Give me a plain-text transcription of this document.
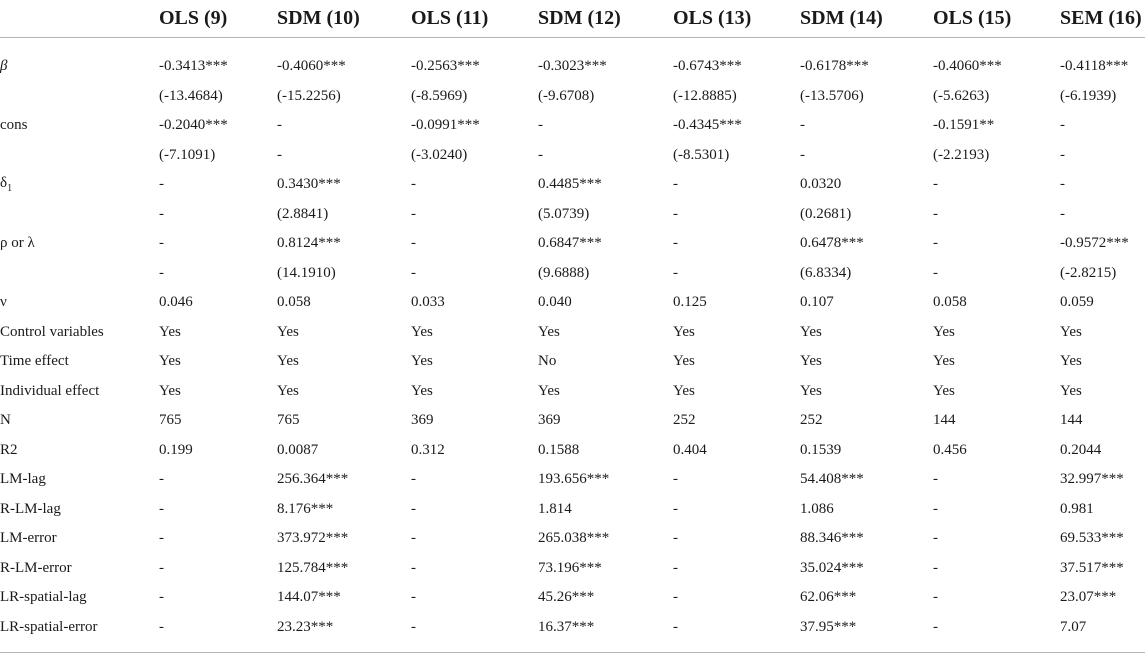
	OLS (9)	SDM (10)	OLS (11)	SDM (12)	OLS (13)	SDM (14)	OLS (15)	SEM (16)
β	-0.3413***	-0.4060***	-0.2563***	-0.3023***	-0.6743***	-0.6178***	-0.4060***	-0.4118***
	(-13.4684)	(-15.2256)	(-8.5969)	(-9.6708)	(-12.8885)	(-13.5706)	(-5.6263)	(-6.1939)
cons	-0.2040***	-	-0.0991***	-	-0.4345***	-	-0.1591**	-
	(-7.1091)	-	(-3.0240)	-	(-8.5301)	-	(-2.2193)	-
$\delta_1$	-	0.3430***	-	0.4485***	-	0.0320	-	-
	-	(2.8841)	-	(5.0739)	-	(0.2681)	-	-
ρ or λ	-	0.8124***	-	0.6847***	-	0.6478***	-	-0.9572***
	-	(14.1910)	-	(9.6888)	-	(6.8334)	-	(-2.8215)
ν	0.046	0.058	0.033	0.040	0.125	0.107	0.058	0.059
Control variables	Yes	Yes	Yes	Yes	Yes	Yes	Yes	Yes
Time effect	Yes	Yes	Yes	No	Yes	Yes	Yes	Yes
Individual effect	Yes	Yes	Yes	Yes	Yes	Yes	Yes	Yes
N	765	765	369	369	252	252	144	144
R2	0.199	0.0087	0.312	0.1588	0.404	0.1539	0.456	0.2044
LM-lag	-	256.364***	-	193.656***	-	54.408***	-	32.997***
R-LM-lag	-	8.176***	-	1.814	-	1.086	-	0.981
LM-error	-	373.972***	-	265.038***	-	88.346***	-	69.533***
R-LM-error	-	125.784***	-	73.196***	-	35.024***	-	37.517***
LR-spatial-lag	-	144.07***	-	45.26***	-	62.06***	-	23.07***
LR-spatial-error	-	23.23***	-	16.37***	-	37.95***	-	7.07
